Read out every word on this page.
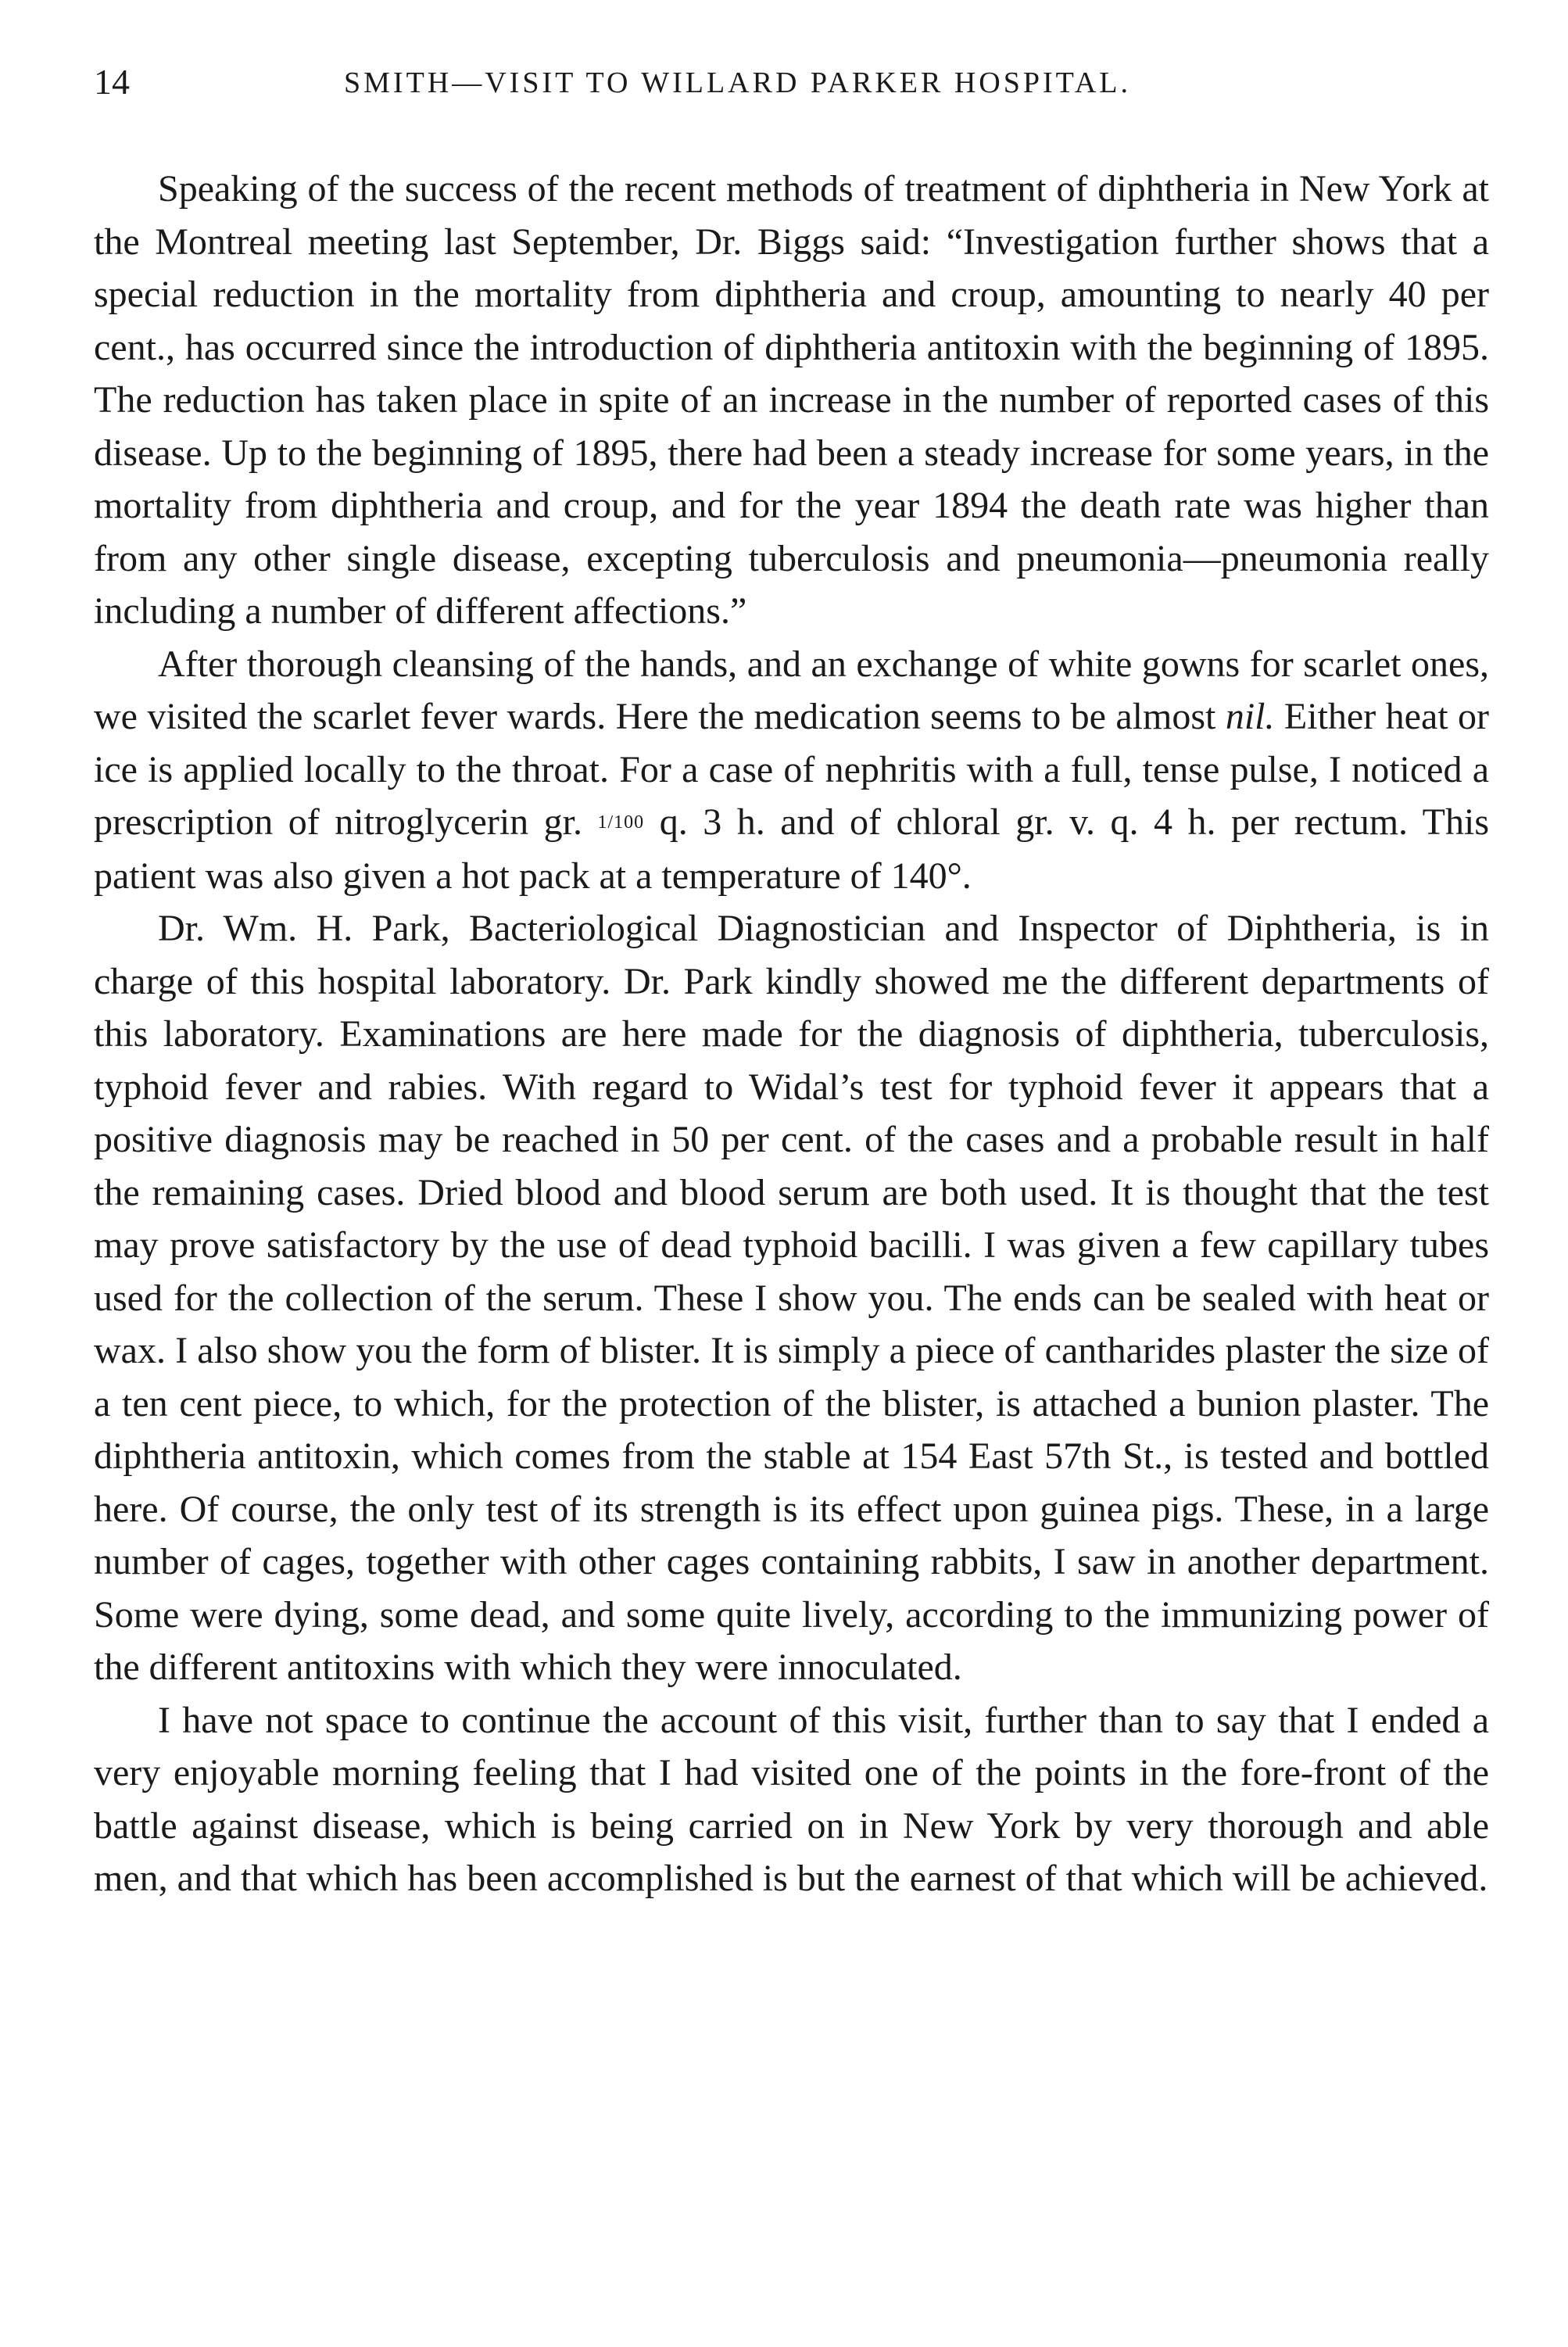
14	SMITH—VISIT TO WILLARD PARKER HOSPITAL.

Speaking of the success of the recent methods of treatment of diphtheria in New York at the Montreal meeting last September, Dr. Biggs said: “Investigation further shows that a special reduction in the mortality from diphtheria and croup, amounting to nearly 40 per cent., has occurred since the introduction of diphtheria antitoxin with the beginning of 1895. The reduction has taken place in spite of an increase in the number of reported cases of this disease. Up to the beginning of 1895, there had been a steady increase for some years, in the mortality from diphtheria and croup, and for the year 1894 the death rate was higher than from any other single disease, excepting tuberculosis and pneumonia—pneumonia really including a number of different affections.”

After thorough cleansing of the hands, and an exchange of white gowns for scarlet ones, we visited the scarlet fever wards. Here the medication seems to be almost nil. Either heat or ice is applied locally to the throat. For a case of nephritis with a full, tense pulse, I noticed a prescription of nitroglycerin gr. 1/100 q. 3 h. and of chloral gr. v. q. 4 h. per rectum. This patient was also given a hot pack at a temperature of 140°.

Dr. Wm. H. Park, Bacteriological Diagnostician and Inspector of Diphtheria, is in charge of this hospital laboratory. Dr. Park kindly showed me the different departments of this laboratory. Examinations are here made for the diagnosis of diphtheria, tuberculosis, typhoid fever and rabies. With regard to Widal’s test for typhoid fever it appears that a positive diagnosis may be reached in 50 per cent. of the cases and a probable result in half the remaining cases. Dried blood and blood serum are both used. It is thought that the test may prove satisfactory by the use of dead typhoid bacilli. I was given a few capillary tubes used for the collection of the serum. These I show you. The ends can be sealed with heat or wax. I also show you the form of blister. It is simply a piece of cantharides plaster the size of a ten cent piece, to which, for the protection of the blister, is attached a bunion plaster. The diphtheria antitoxin, which comes from the stable at 154 East 57th St., is tested and bottled here. Of course, the only test of its strength is its effect upon guinea pigs. These, in a large number of cages, together with other cages containing rabbits, I saw in another department. Some were dying, some dead, and some quite lively, according to the immunizing power of the different antitoxins with which they were innoculated.

I have not space to continue the account of this visit, further than to say that I ended a very enjoyable morning feeling that I had visited one of the points in the fore-front of the battle against disease, which is being carried on in New York by very thorough and able men, and that which has been accomplished is but the earnest of that which will be achieved.
